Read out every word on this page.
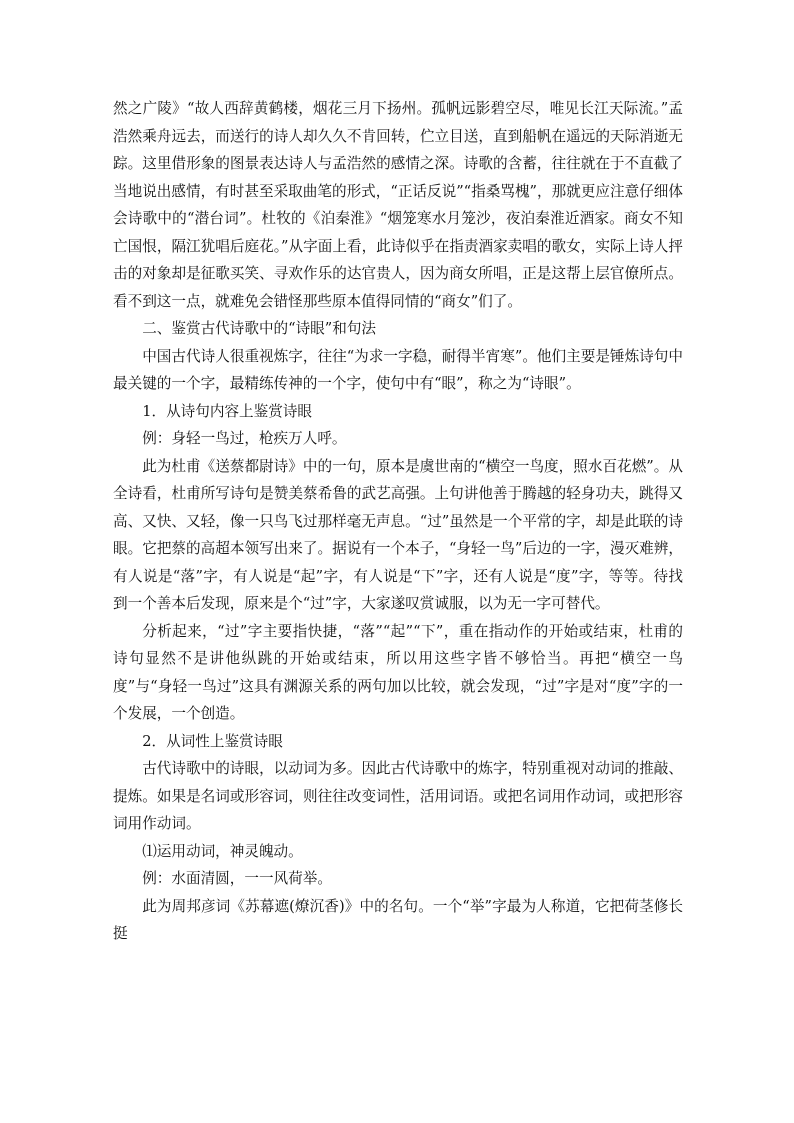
然之广陵》“故人西辞黄鹤楼，烟花三月下扬州。孤帆远影碧空尽，唯见长江天际流。”孟浩然乘舟远去，而送行的诗人却久久不肯回转，伫立目送，直到船帆在遥远的天际消逝无踪。这里借形象的图景表达诗人与孟浩然的感情之深。诗歌的含蓄，往往就在于不直截了当地说出感情，有时甚至采取曲笔的形式，“正话反说”“指桑骂槐”，那就更应注意仔细体会诗歌中的“潜台词”。杜牧的《泊秦淮》“烟笼寒水月笼沙，夜泊秦淮近酒家。商女不知亡国恨，隔江犹唱后庭花。”从字面上看，此诗似乎在指责酒家卖唱的歌女，实际上诗人抨击的对象却是征歌买笑、寻欢作乐的达官贵人，因为商女所唱，正是这帮上层官僚所点。看不到这一点，就难免会错怪那些原本值得同情的“商女”们了。

二、鉴赏古代诗歌中的“诗眼”和句法

中国古代诗人很重视炼字，往往“为求一字稳，耐得半宵寒”。他们主要是锤炼诗句中最关键的一个字，最精练传神的一个字，使句中有“眼”，称之为“诗眼”。

1．从诗句内容上鉴赏诗眼

例：身轻一鸟过，枪疾万人呼。

此为杜甫《送蔡都尉诗》中的一句，原本是虞世南的“横空一鸟度，照水百花燃”。从全诗看，杜甫所写诗句是赞美蔡希鲁的武艺高强。上句讲他善于腾越的轻身功夫，跳得又高、又快、又轻，像一只鸟飞过那样毫无声息。“过”虽然是一个平常的字，却是此联的诗眼。它把蔡的高超本领写出来了。据说有一个本子，“身轻一鸟”后边的一字，漫灭难辨，有人说是“落”字，有人说是“起”字，有人说是“下”字，还有人说是“度”字，等等。待找到一个善本后发现，原来是个“过”字，大家遂叹赏诚服，以为无一字可替代。

分析起来，“过”字主要指快捷，“落”“起”“下”，重在指动作的开始或结束，杜甫的诗句显然不是讲他纵跳的开始或结束，所以用这些字皆不够恰当。再把“横空一鸟度”与“身轻一鸟过”这具有渊源关系的两句加以比较，就会发现，“过”字是对“度”字的一个发展，一个创造。

2．从词性上鉴赏诗眼

古代诗歌中的诗眼，以动词为多。因此古代诗歌中的炼字，特别重视对动词的推敲、提炼。如果是名词或形容词，则往往改变词性，活用词语。或把名词用作动词，或把形容词用作动词。

⑴运用动词，神灵魄动。

例：水面清圆，一一风荷举。

此为周邦彦词《苏幕遮(燎沉香)》中的名句。一个“举”字最为人称道，它把荷茎修长挺
